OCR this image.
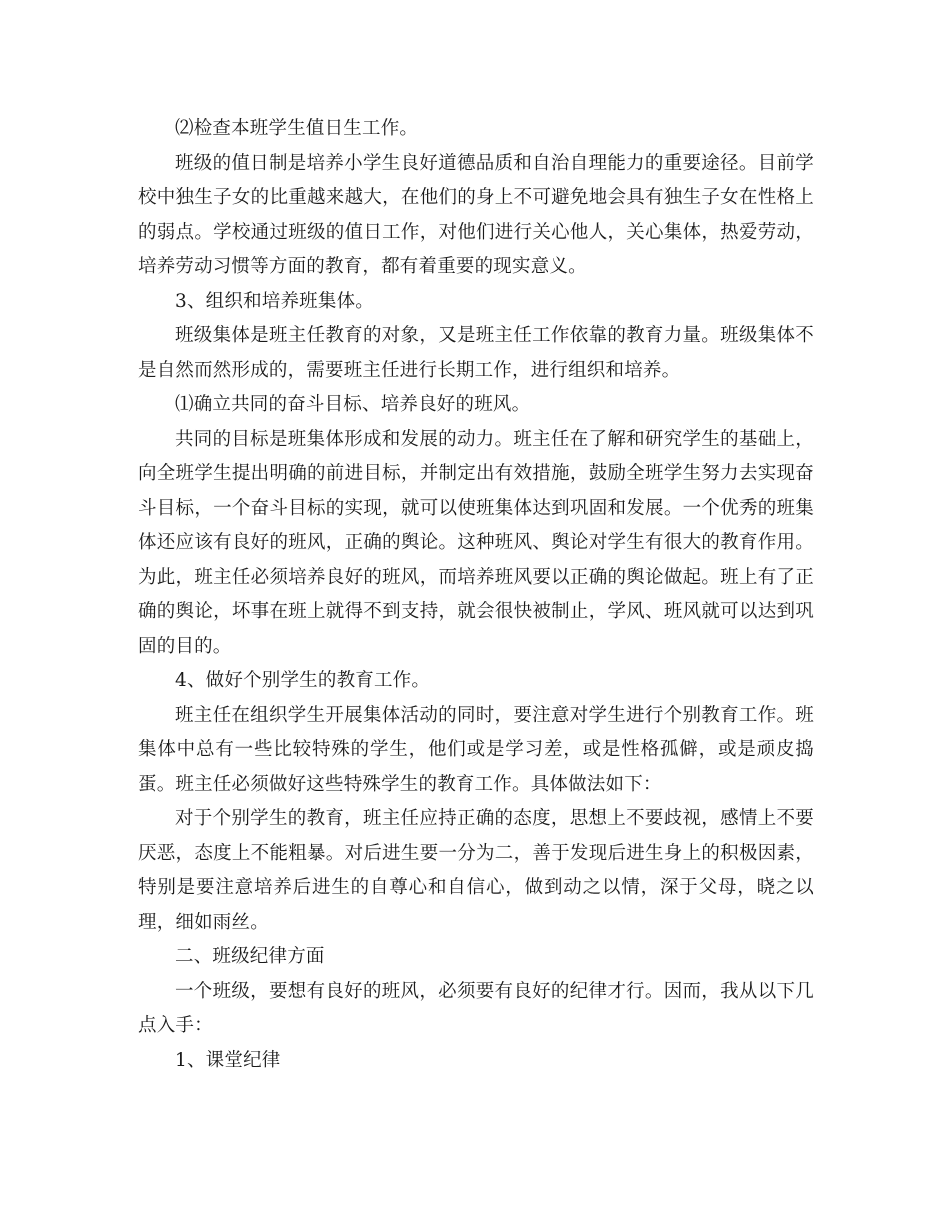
⑵检查本班学生值日生工作。

班级的值日制是培养小学生良好道德品质和自治自理能力的重要途径。目前学校中独生子女的比重越来越大，在他们的身上不可避免地会具有独生子女在性格上的弱点。学校通过班级的值日工作，对他们进行关心他人，关心集体，热爱劳动，培养劳动习惯等方面的教育，都有着重要的现实意义。

3、组织和培养班集体。

班级集体是班主任教育的对象，又是班主任工作依靠的教育力量。班级集体不是自然而然形成的，需要班主任进行长期工作，进行组织和培养。

⑴确立共同的奋斗目标、培养良好的班风。

共同的目标是班集体形成和发展的动力。班主任在了解和研究学生的基础上，向全班学生提出明确的前进目标，并制定出有效措施，鼓励全班学生努力去实现奋斗目标，一个奋斗目标的实现，就可以使班集体达到巩固和发展。一个优秀的班集体还应该有良好的班风，正确的舆论。这种班风、舆论对学生有很大的教育作用。为此，班主任必须培养良好的班风，而培养班风要以正确的舆论做起。班上有了正确的舆论，坏事在班上就得不到支持，就会很快被制止，学风、班风就可以达到巩固的目的。

4、做好个别学生的教育工作。

班主任在组织学生开展集体活动的同时，要注意对学生进行个别教育工作。班集体中总有一些比较特殊的学生，他们或是学习差，或是性格孤僻，或是顽皮捣蛋。班主任必须做好这些特殊学生的教育工作。具体做法如下：

对于个别学生的教育，班主任应持正确的态度，思想上不要歧视，感情上不要厌恶，态度上不能粗暴。对后进生要一分为二，善于发现后进生身上的积极因素，特别是要注意培养后进生的自尊心和自信心，做到动之以情，深于父母，晓之以理，细如雨丝。

二、班级纪律方面

一个班级，要想有良好的班风，必须要有良好的纪律才行。因而，我从以下几点入手：

1、课堂纪律
